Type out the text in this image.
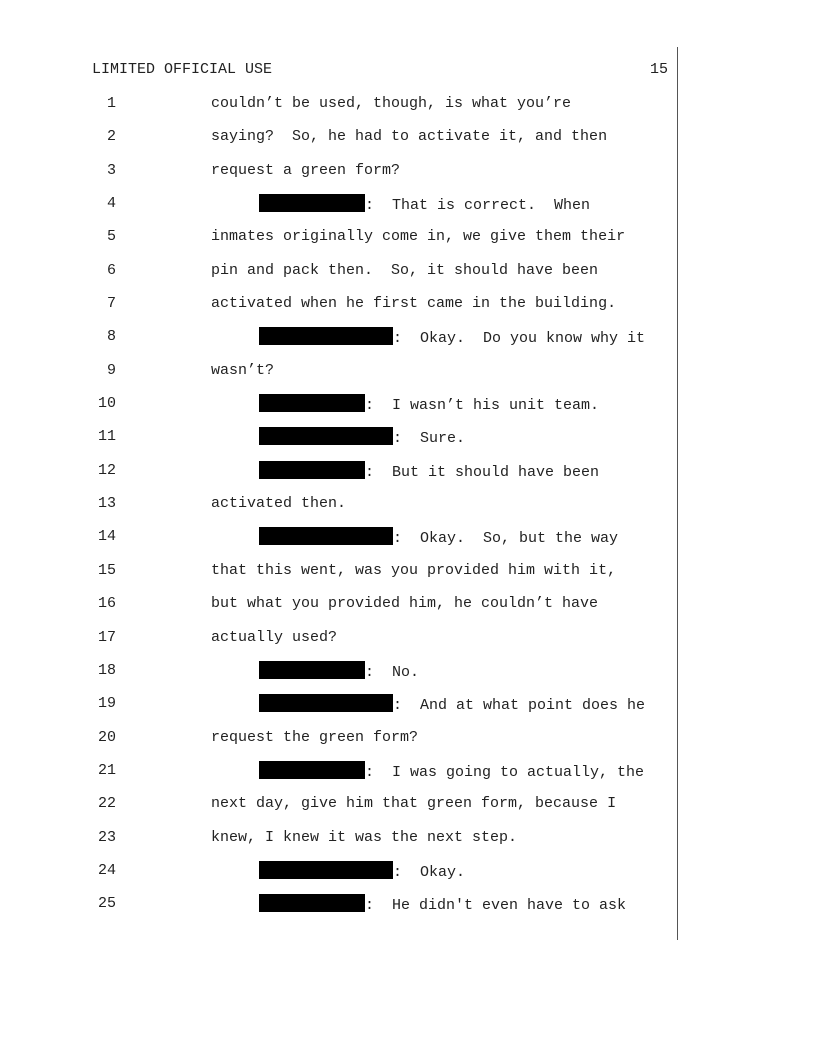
LIMITED OFFICIAL USE	15
1	couldn’t be used, though, is what you’re
2	saying?  So, he had to activate it, and then
3	request a green form?
4	:  That is correct.  When
5	inmates originally come in, we give them their
6	pin and pack then.  So, it should have been
7	activated when he first came in the building.
8	:  Okay.  Do you know why it
9	wasn’t?
10	:  I wasn’t his unit team.
11	:  Sure.
12	:  But it should have been
13	activated then.
14	:  Okay.  So, but the way
15	that this went, was you provided him with it,
16	but what you provided him, he couldn’t have
17	actually used?
18	:  No.
19	:  And at what point does he
20	request the green form?
21	:  I was going to actually, the
22	next day, give him that green form, because I
23	knew, I knew it was the next step.
24	:  Okay.
25	:  He didn't even have to ask
